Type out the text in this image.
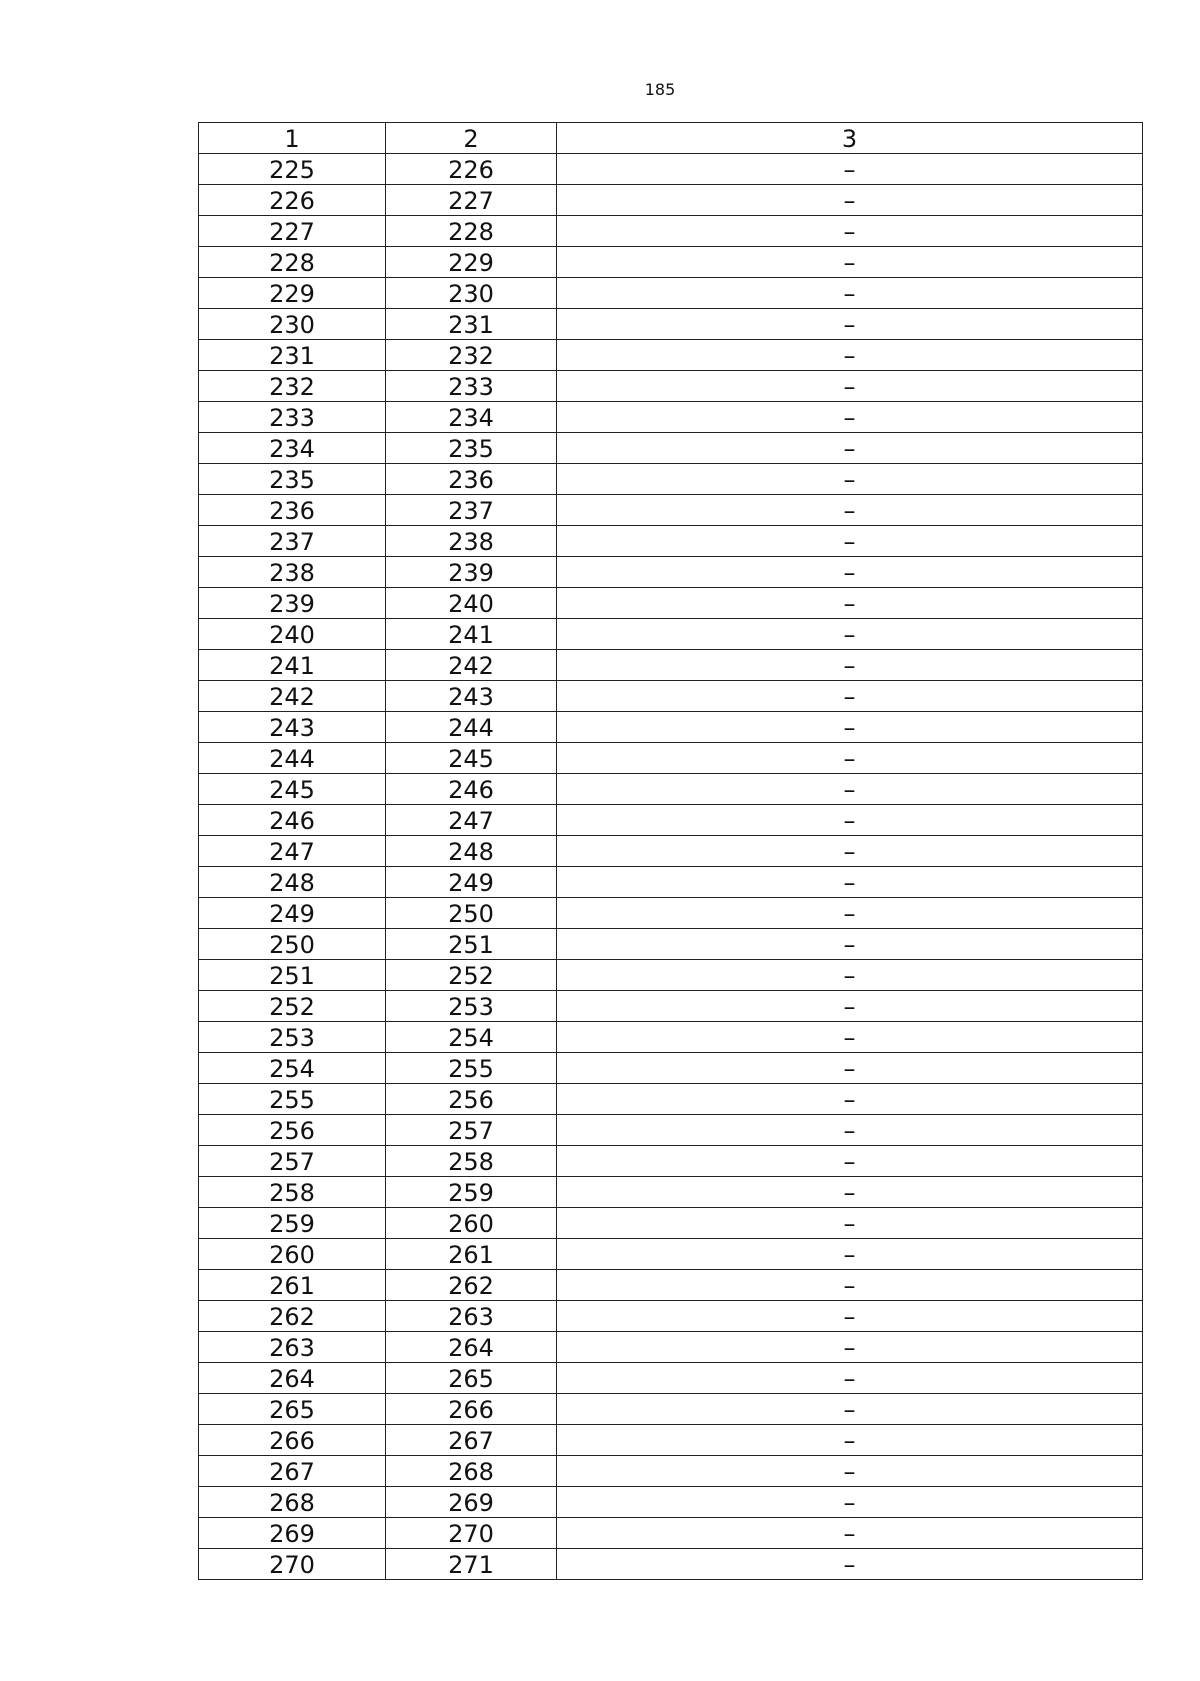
185
1	2	3
225	226	–
226	227	–
227	228	–
228	229	–
229	230	–
230	231	–
231	232	–
232	233	–
233	234	–
234	235	–
235	236	–
236	237	–
237	238	–
238	239	–
239	240	–
240	241	–
241	242	–
242	243	–
243	244	–
244	245	–
245	246	–
246	247	–
247	248	–
248	249	–
249	250	–
250	251	–
251	252	–
252	253	–
253	254	–
254	255	–
255	256	–
256	257	–
257	258	–
258	259	–
259	260	–
260	261	–
261	262	–
262	263	–
263	264	–
264	265	–
265	266	–
266	267	–
267	268	–
268	269	–
269	270	–
270	271	–
